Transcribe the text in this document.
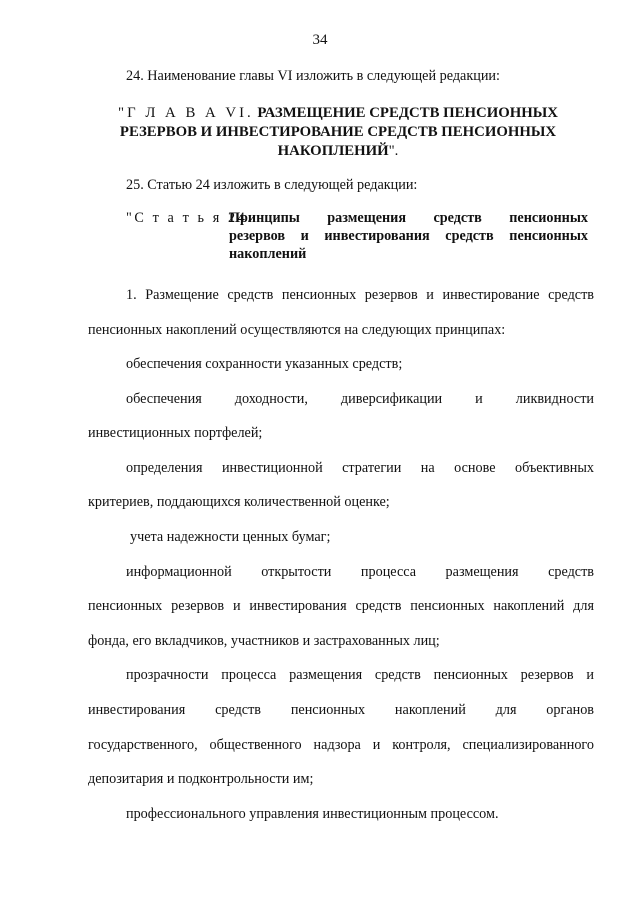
34
24. Наименование главы VI изложить в следующей редакции:
"Г Л А В А VI. РАЗМЕЩЕНИЕ СРЕДСТВ ПЕНСИОННЫХ
РЕЗЕРВОВ И ИНВЕСТИРОВАНИЕ СРЕДСТВ ПЕНСИОННЫХ
НАКОПЛЕНИЙ".
25. Статью 24 изложить в следующей редакции:
"С т а т ь я 24.
Принципы размещения средств пенсионных
резервов и инвестирования средств пенсионных
накоплений
1. Размещение средств пенсионных резервов и инвестирование средств
пенсионных накоплений осуществляются на следующих принципах:
обеспечения сохранности указанных средств;
обеспечения доходности, диверсификации и ликвидности
инвестиционных портфелей;
определения инвестиционной стратегии на основе объективных
критериев, поддающихся количественной оценке;
учета надежности ценных бумаг;
информационной открытости процесса размещения средств
пенсионных резервов и инвестирования средств пенсионных накоплений для
фонда, его вкладчиков, участников и застрахованных лиц;
прозрачности процесса размещения средств пенсионных резервов и
инвестирования средств пенсионных накоплений для органов
государственного, общественного надзора и контроля, специализированного
депозитария и подконтрольности им;
профессионального управления инвестиционным процессом.
